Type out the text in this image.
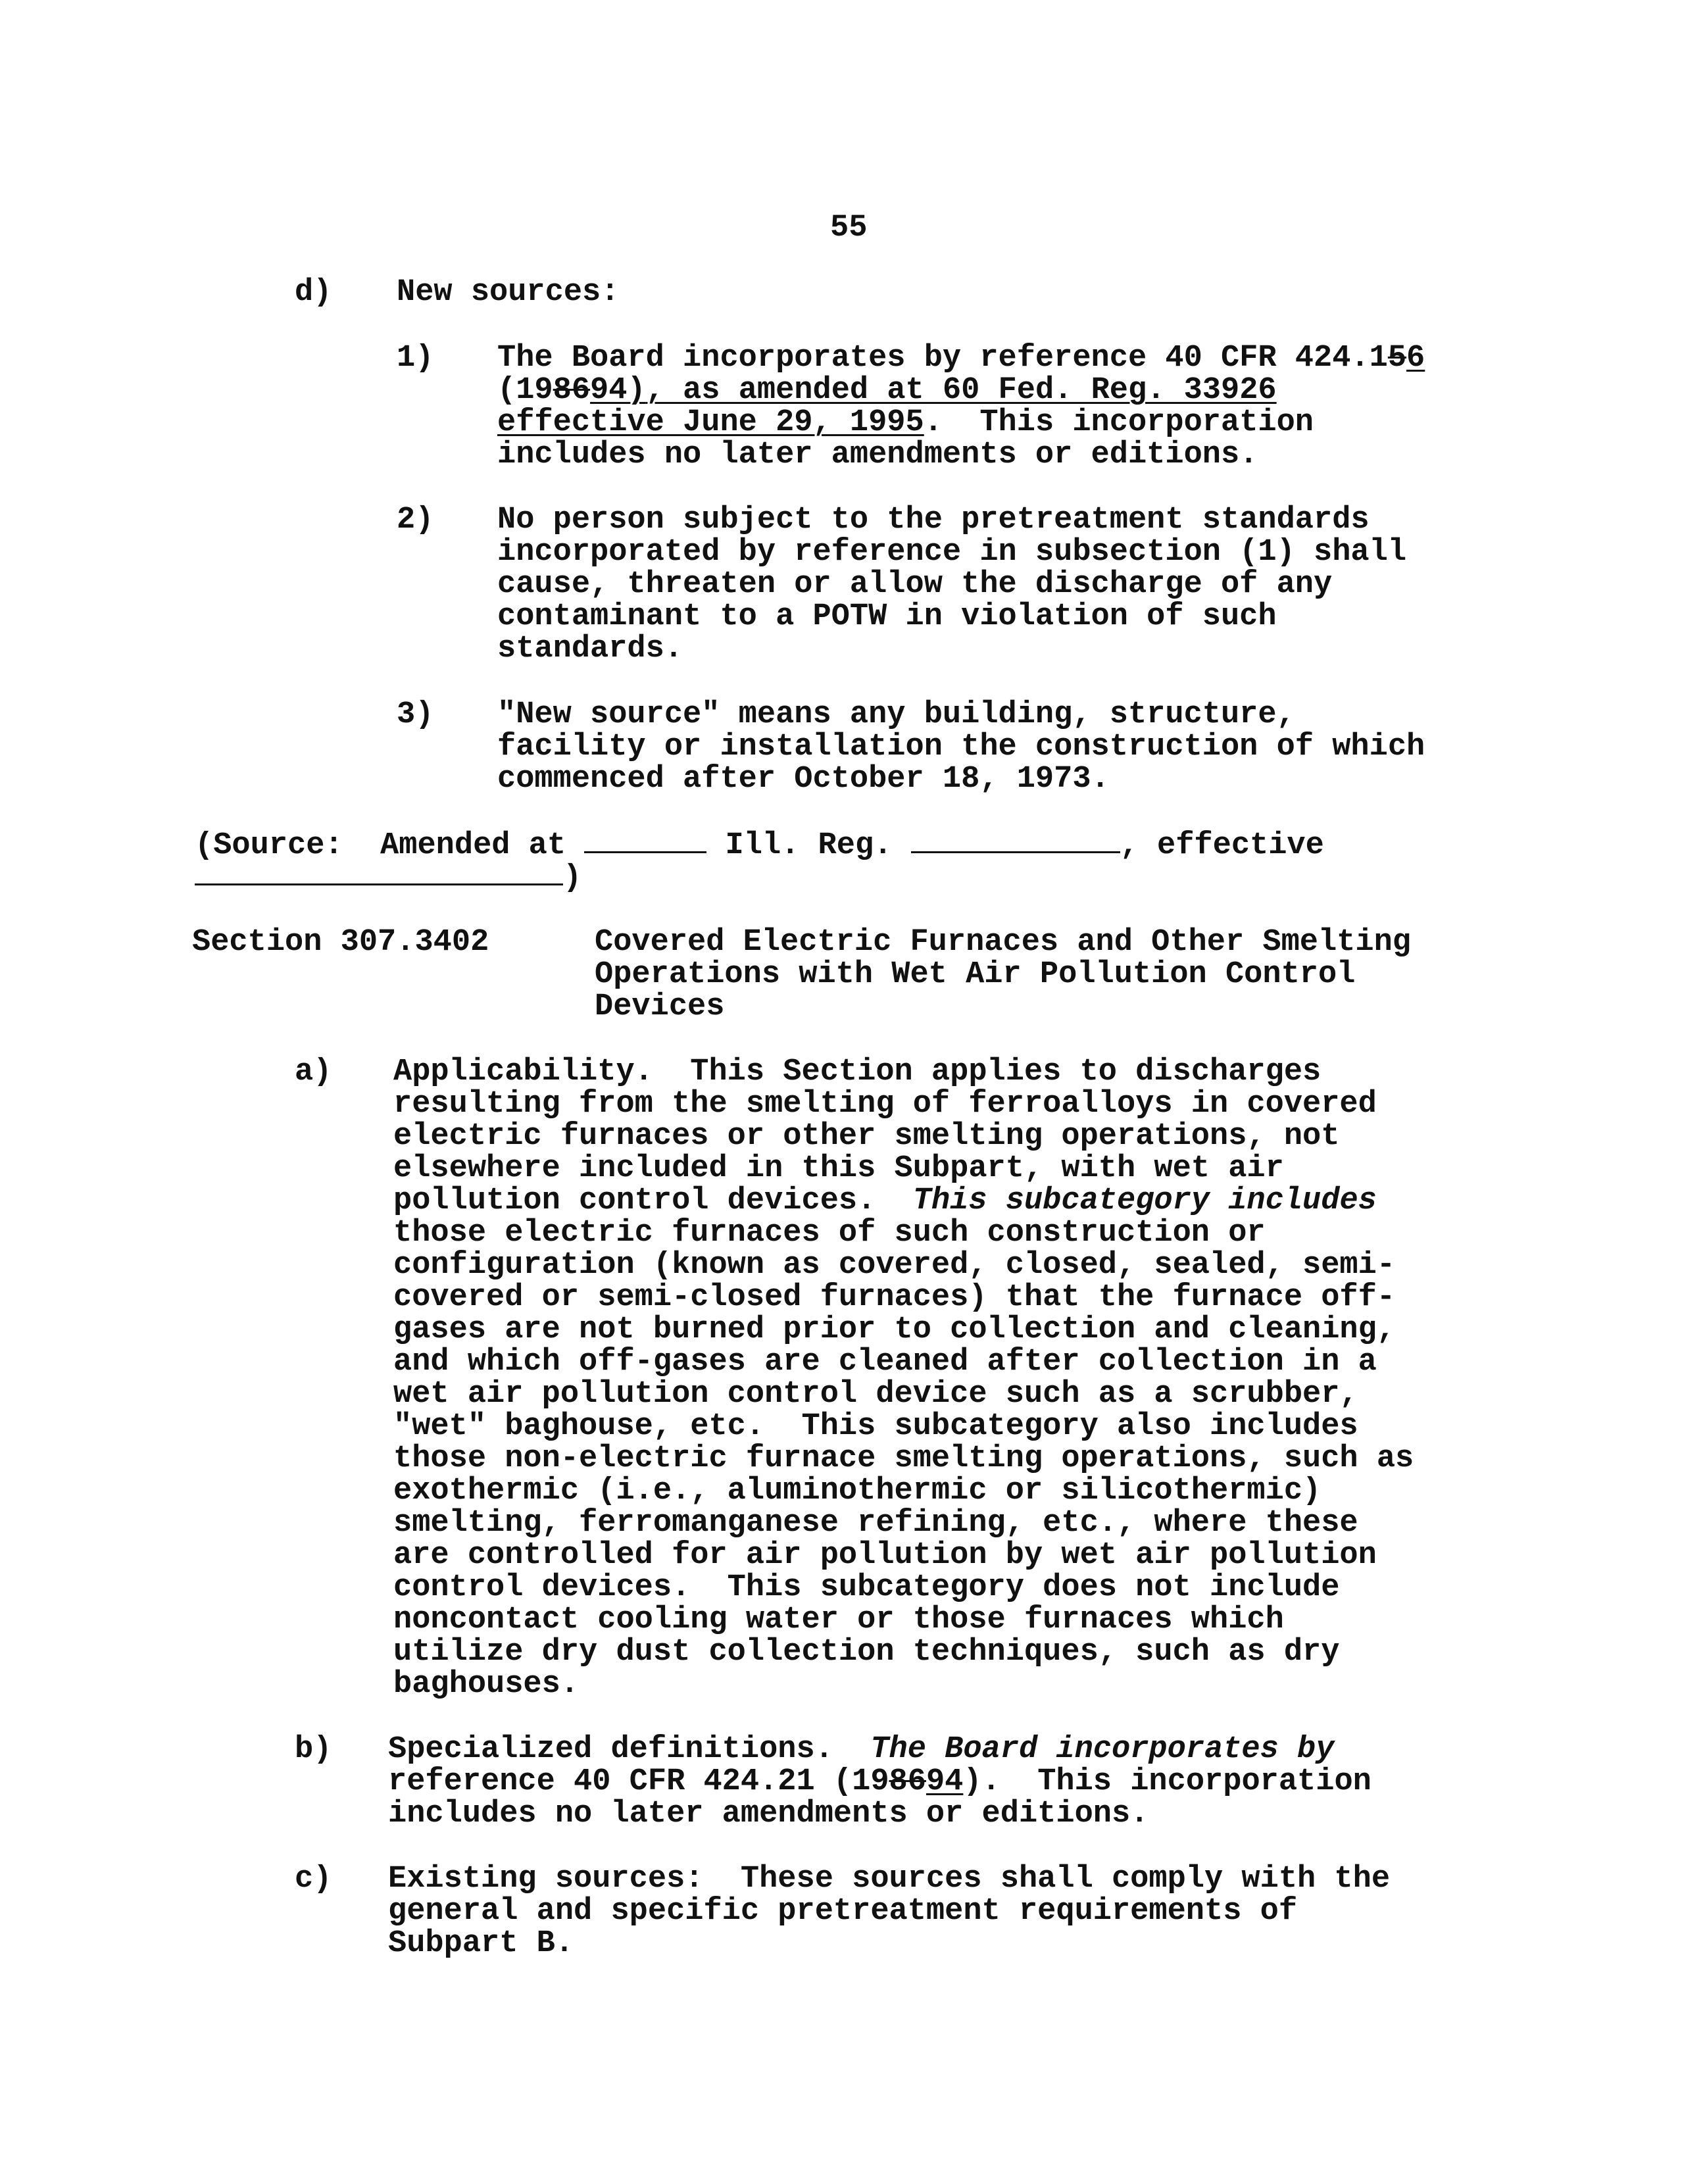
55
d) New sources:
1) The Board incorporates by reference 40 CFR 424.156
(198694), as amended at 60 Fed. Reg. 33926
effective June 29, 1995.  This incorporation
includes no later amendments or editions.
2) No person subject to the pretreatment standards
incorporated by reference in subsection (1) shall
cause, threaten or allow the discharge of any
contaminant to a POTW in violation of such
standards.
3) "New source" means any building, structure,
facility or installation the construction of which
commenced after October 18, 1973.
(Source:  Amended at	Ill. Reg.	, effective
)
Section 307.3402	Covered Electric Furnaces and Other Smelting
Operations with Wet Air Pollution Control
Devices
a) Applicability.  This Section applies to discharges
resulting from the smelting of ferroalloys in covered
electric furnaces or other smelting operations, not
elsewhere included in this Subpart, with wet air
pollution control devices.  This subcategory includes
those electric furnaces of such construction or
configuration (known as covered, closed, sealed, semi-
covered or semi-closed furnaces) that the furnace off-
gases are not burned prior to collection and cleaning,
and which off-gases are cleaned after collection in a
wet air pollution control device such as a scrubber,
"wet" baghouse, etc.  This subcategory also includes
those non-electric furnace smelting operations, such as
exothermic (i.e., aluminothermic or silicothermic)
smelting, ferromanganese refining, etc., where these
are controlled for air pollution by wet air pollution
control devices.  This subcategory does not include
noncontact cooling water or those furnaces which
utilize dry dust collection techniques, such as dry
baghouses.
b) Specialized definitions.  The Board incorporates by
reference 40 CFR 424.21 (198694).  This incorporation
includes no later amendments or editions.
c) Existing sources:  These sources shall comply with the
general and specific pretreatment requirements of
Subpart B.
